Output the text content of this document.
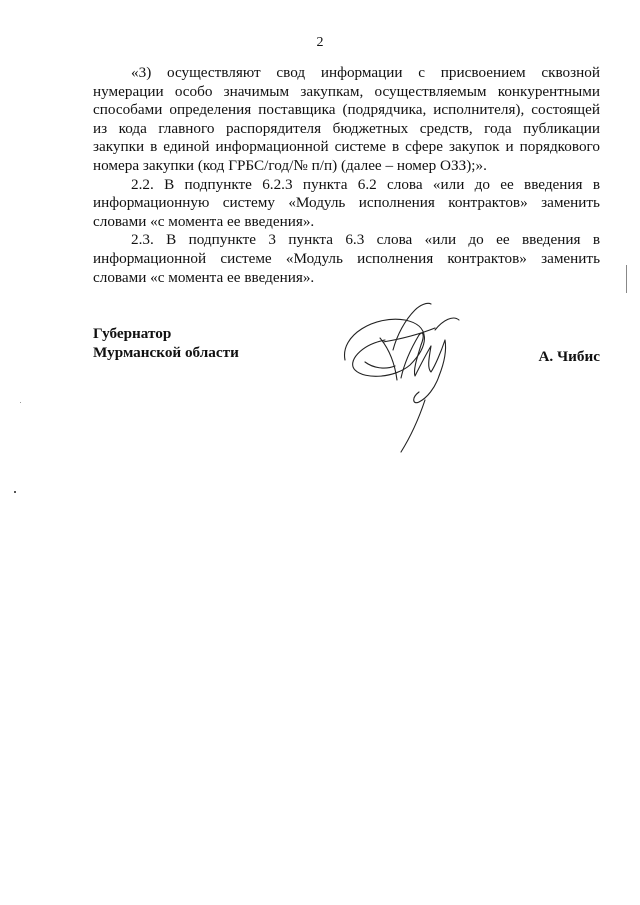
2

«3) осуществляют свод информации с присвоением сквозной нумерации особо значимым закупкам, осуществляемым конкурентными способами определения поставщика (подрядчика, исполнителя), состоящей из кода главного распорядителя бюджетных средств, года публикации закупки в единой информационной системе в сфере закупок и порядкового номера закупки (код ГРБС/год/№ п/п) (далее – номер ОЗЗ);».

2.2. В подпункте 6.2.3 пункта 6.2 слова «или до ее введения в информационную систему «Модуль исполнения контрактов» заменить словами «с момента ее введения».

2.3. В подпункте 3 пункта 6.3 слова «или до ее введения в информационной системе «Модуль исполнения контрактов» заменить словами «с момента ее введения».

Губернатор
Мурманской области	А. Чибис
